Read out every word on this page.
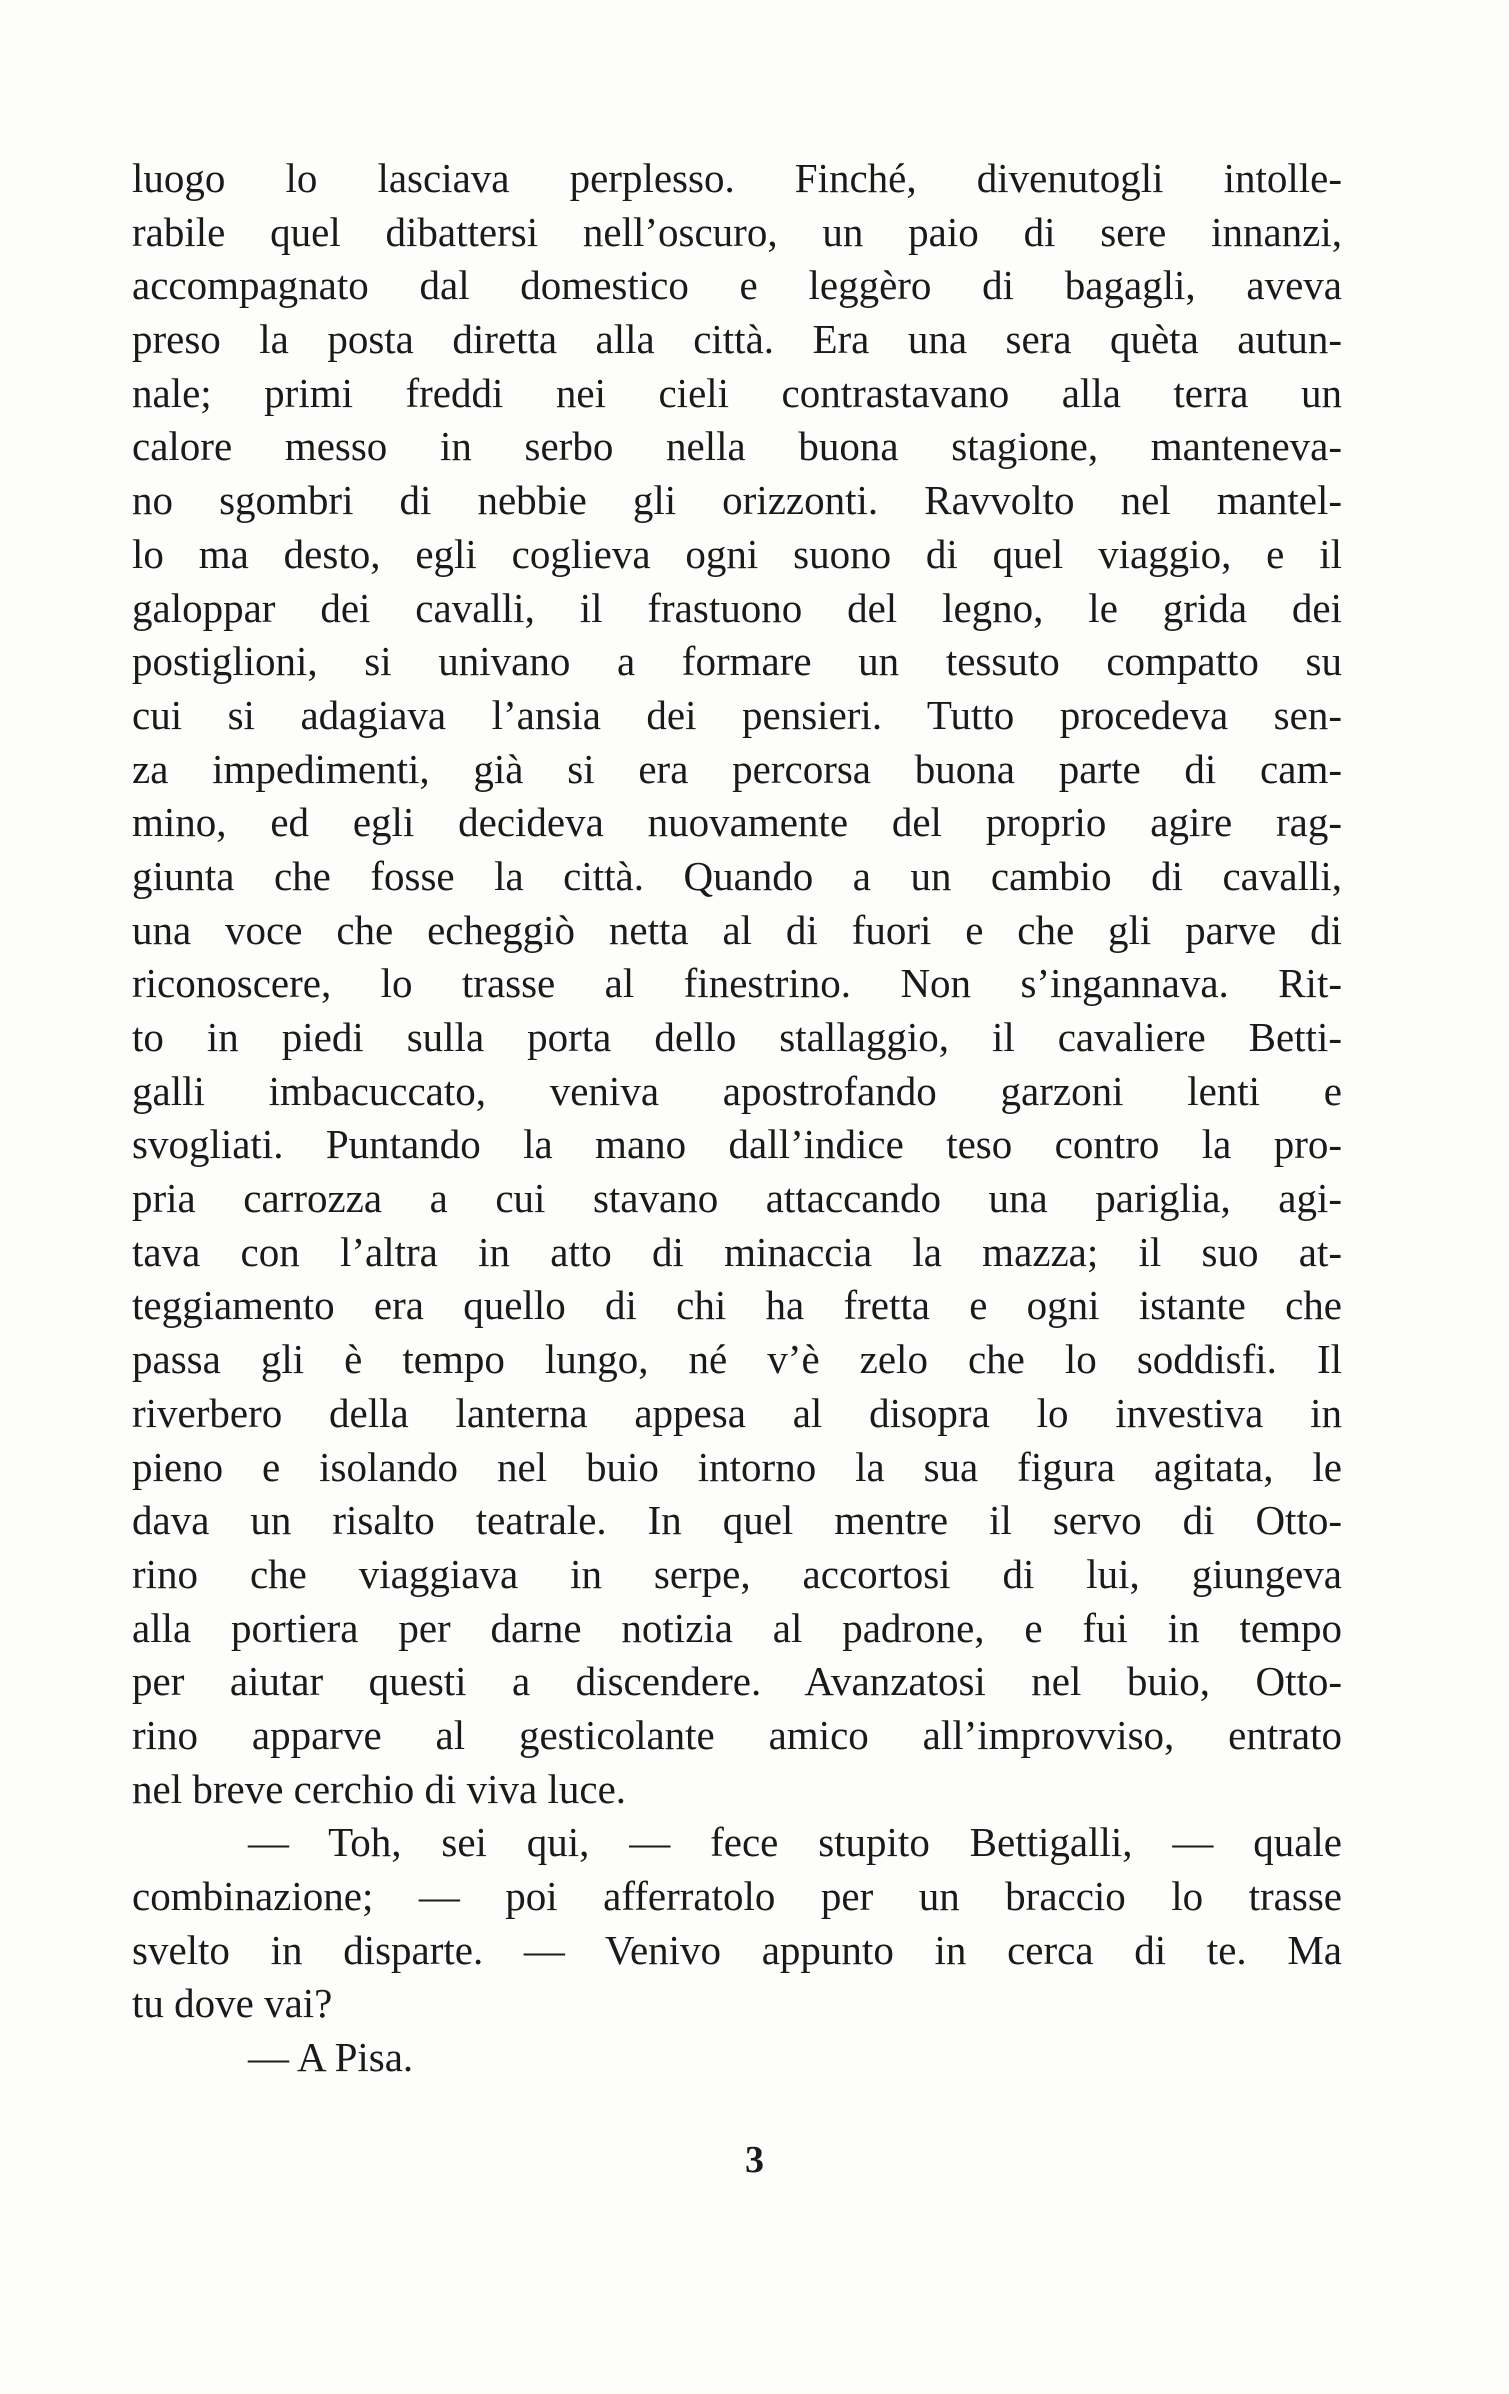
luogo lo lasciava perplesso. Finché, divenutogli intolle-
rabile quel dibattersi nell’oscuro, un paio di sere innanzi,
accompagnato dal domestico e leggèro di bagagli, aveva
preso la posta diretta alla città. Era una sera quèta autun-
nale; primi freddi nei cieli contrastavano alla terra un
calore messo in serbo nella buona stagione, manteneva-
no sgombri di nebbie gli orizzonti. Ravvolto nel mantel-
lo ma desto, egli coglieva ogni suono di quel viaggio, e il
galoppar dei cavalli, il frastuono del legno, le grida dei
postiglioni, si univano a formare un tessuto compatto su
cui si adagiava l’ansia dei pensieri. Tutto procedeva sen-
za impedimenti, già si era percorsa buona parte di cam-
mino, ed egli decideva nuovamente del proprio agire rag-
giunta che fosse la città. Quando a un cambio di cavalli,
una voce che echeggiò netta al di fuori e che gli parve di
riconoscere, lo trasse al finestrino. Non s’ingannava. Rit-
to in piedi sulla porta dello stallaggio, il cavaliere Betti-
galli imbacuccato, veniva apostrofando garzoni lenti e
svogliati. Puntando la mano dall’indice teso contro la pro-
pria carrozza a cui stavano attaccando una pariglia, agi-
tava con l’altra in atto di minaccia la mazza; il suo at-
teggiamento era quello di chi ha fretta e ogni istante che
passa gli è tempo lungo, né v’è zelo che lo soddisfi. Il
riverbero della lanterna appesa al disopra lo investiva in
pieno e isolando nel buio intorno la sua figura agitata, le
dava un risalto teatrale. In quel mentre il servo di Otto-
rino che viaggiava in serpe, accortosi di lui, giungeva
alla portiera per darne notizia al padrone, e fui in tempo
per aiutar questi a discendere. Avanzatosi nel buio, Otto-
rino apparve al gesticolante amico all’improvviso, entrato
nel breve cerchio di viva luce.
— Toh, sei qui, — fece stupito Bettigalli, — quale
combinazione; — poi afferratolo per un braccio lo trasse
svelto in disparte. — Venivo appunto in cerca di te. Ma
tu dove vai?
— A Pisa.
3
